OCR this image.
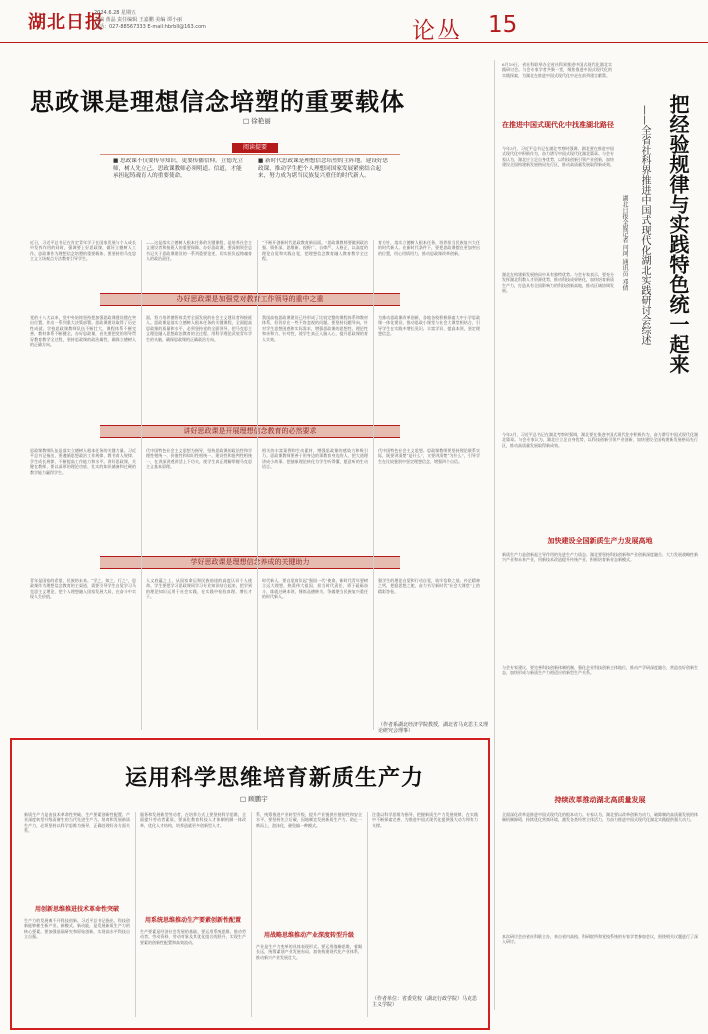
湖北日报
2024.6.28 星期五
主编 黄晶 责任编辑 王嘉鹏 美编 谭小丽
电话：027-88567333 E-mail:hbrbll@163.com	论丛 15
思政课是理想信念培塑的重要载体
□ 徐艳丽
阅读提要
■ 思政课不仅要传导知识，更要传播信仰。立德先立师，树人先立己。思政课教师必须明道、信道，才能承担起铸魂育人的重要使命。
■ 新时代思政课是理想信念培塑的主阵地。建设好思政课，推动学生把个人理想同国家发展紧密结合起来，努力成为堪当民族复兴重任的时代新人。
近日，习近平总书记在肯定青年学子在国家发展与个人成长中发挥作用的同时，强调要上好思政课，做好立德树人工作。思政课作为理想信念培塑的重要载体，要坚持用马克思主义立场观点方法教育引导学生。
——这是落实立德树人根本任务的关键课程，是培养社会主义建设者和接班人的重要保障。办好思政课，要深刻领会总书记关于思政课建设的一系列重要论述，切实担负起铸魂育人的政治责任。
“不断开创新时代思政教育新局面。”思政课教师要做到政治强、情怀深、思维新、视野广、自律严、人格正，以高度的理论自觉和实践自觉，把理想信念教育融入教育教学全过程。
育方针，落实立德树人根本任务，培养担当民族复兴大任的时代新人。在新时代条件下，要把思政课摆在更加突出的位置，用心用情用力，推动思政课改革创新。
办好思政课是加强党对教育工作领导的重中之重
党的十八大以来，党中央始终坚持把加强思政课建设摆在突出位置，作出一系列重大决策部署。思政课建设取得了历史性成就，学校思政课教师队伍不断壮大，课程体系不断完善，教材体系不断健全。办好思政课，首先要把党的领导贯穿教育教学全过程，坚持思政课的政治属性，确保立德树人的正确方向。
面，努力培养德智体美劳全面发展的社会主义建设者和接班人。思政课是落实立德树人根本任务的关键课程，全面提高思政课的质量和水平，必须坚持党的全面领导，把马克思主义理论融入思想政治教育的全过程，用科学理论武装青年学生的头脑，确保思政课的正确政治方向。
我国高校思政课建设已经形成了比较完整的课程体系和教材体系，但仍存在一些不容忽视的问题。要坚持问题导向，针对学生思想困惑和实际需求，增强思政课的思想性、理论性和亲和力、针对性，使学生真正入脑入心，提升思政课的育人实效。
为推动思政课改革创新，各地各校积极探索大中小学思政课一体化建设，推动思政小课堂与社会大课堂相结合，引导学生在实践中增长见识、丰富学识、提高本领，坚定理想信念。
讲好思政课是开展理想信念教育的必然要求
思政课教师队伍是落实立德树人根本任务的关键力量。习近平总书记指出，要遵循思想政治工作规律、教书育人规律、学生成长规律，不断提高工作能力和水平。讲好思政课，关键在教师，要以深厚的理论功底、扎实的知识储备和过硬的教学能力赢得学生。
代中国特色社会主义思想为指导，坚持思政课的政治性和学理性相统一、价值性和知识性相统一、建设性和批判性相统一，在讲深讲透讲活上下功夫，使学生真正理解掌握马克思主义基本原理。
相关的丰富案例和生动素材，增强思政课的感染力和吸引力。思政课教师要善于用身边的事教育身边的人，把大道理讲成小故事，把抽象理论转化为学生听得懂、愿意听的生动语言。
代中国特色社会主义思想。思政课教师要坚持理论联系实际，既要讲清楚“是什么”，又要讲清楚“为什么”，引导学生在比较鉴别中坚定理想信念，增强四个自信。
学好思政课是理想信念养成的关键助力
青年是国家的希望，民族的未来。“学之，知之，行之”，思政课作为理想信念教育的主渠道，需要引导学生自觉学习马克思主义理论，把个人理想融入国家发展大局，在奋斗中实现人生价值。
人文底蕴之上，从国家命运和民族前途的高度认识个人使命。学生要把学习思政课同学习专业知识结合起来，把学到的理论知识运用于社会实践，在实践中检验真理、增长才干。
时代新人，要自觉肩负起“强国一代”使命。新时代青年要树立远大理想，热爱伟大祖国，担当时代责任，勇于砥砺奋斗，练就过硬本领，锤炼品德修为，争做堪当民族复兴重任的时代新人。
强学生的理论自觉和行动自觉，筑牢信仰之基，补足精神之钙，把稳思想之舵，奋力书写新时代“社会大课堂”上的精彩答卷。
（作者系湖北经济学院教授，湖北省马克思主义理论研究会理事）
把经验规律与实践特色统一起来
——全省社科界推进中国式现代化湖北实践研讨会综述
湖北日报全媒记者 闫珂 通讯员 邓倩
6月19日，省社科联举办全省社科界推进中国式现代化湖北实践研讨会。与会专家学者共聚一堂，聚焦推进中国式现代化的实践探索，为湖北在推进中国式现代化中走在前列建言献策。
在推进中国式现代化中找准湖北路径
今年3月，习近平总书记在湖北考察时强调，湖北要在推进中国式现代化中积极作为，奋力谱写中国式现代化湖北篇章。与会专家认为，湖北应立足自身优势，以科技创新引领产业创新，加快建设全国构建新发展格局先行区，推动高质量发展取得新成效。
湖北在构建新发展格局中具有独特优势。与会专家表示，要充分发挥湖北科教人才资源优势，推动科技成果转化，加快培育新质生产力，打造具有全国影响力的科技创新高地，推动区域协调发展。
今年3月，习近平总书记在湖北考察时强调，湖北要在推进中国式现代化中积极作为，奋力谱写中国式现代化湖北篇章。与会专家认为，湖北应立足自身优势，以科技创新引领产业创新，加快建设全国构建新发展格局先行区，推动高质量发展取得新成效。
加快建设全国新质生产力发展高地
新质生产力是创新起主导作用的先进生产力质态。湖北要坚持科技创新和产业创新深度融合，大力发展战略性新兴产业和未来产业，用新技术改造提升传统产业，积极培育新业态新模式。
与会专家建议，要完善科技创新体制机制，强化企业科技创新主体地位，推动产学研深度融合，营造良好创新生态，加快形成与新质生产力相适应的新型生产关系。
持续改革推动湖北高质量发展
全面深化改革是推进中国式现代化的根本动力。专家认为，湖北要以改革创新为动力，破除制约高质量发展的体制机制障碍，持续优化营商环境，激发各类经营主体活力，为奋力推进中国式现代化湖北实践提供强大动力。
本次研讨会由省社科联主办，来自省内高校、科研院所和党校系统的专家学者参加会议，围绕相关议题进行了深入研讨。
运用科学思维培育新质生产力
□ 顾鹏宇
新质生产力是由技术革命性突破、生产要素创新性配置、产业深度转型升级而催生的当代先进生产力。培育和发展新质生产力，必须坚持以科学思维为指导，正确处理好各方面关系。
用创新思维推进技术革命性突破
生产力的发展离不开科技创新。习近平总书记指出，科技创新能够催生新产业、新模式、新动能，是发展新质生产力的核心要素。要加强基础研究和原始创新，实现高水平科技自立自强。
服务和发展新型劳动者，在培养方式上要坚持科学思维，全面提升劳动者素质。要深化教育科技人才体制机制一体改革，优化人才结构，培养造就更多创新型人才。
用系统思维推动生产要素创新性配置
生产要素是经济社会发展的基础。要运用系统思维，推动劳动者、劳动资料、劳动对象及其优化组合的跃升，实现生产要素的创新性配置和高效流动。
系，统筹推进产业转型升级，提升产业链供应链韧性和安全水平。要坚持先立后破，因地制宜发展新质生产力，防止一哄而上、泡沫化，避免搞一种模式。
用战略思维推动产业深度转型升级
产业是生产力变革的具体表现形式。要运用战略思维，着眼长远，统筹谋划产业发展布局，加快构建现代化产业体系，推动新兴产业发展壮大。
注重以科学思维为指导，把握新质生产力发展规律，在实践中不断探索完善，为推进中国式现代化提供强大动力和有力支撑。
（作者单位：省委党校（湖北行政学院）马克思主义学院）
